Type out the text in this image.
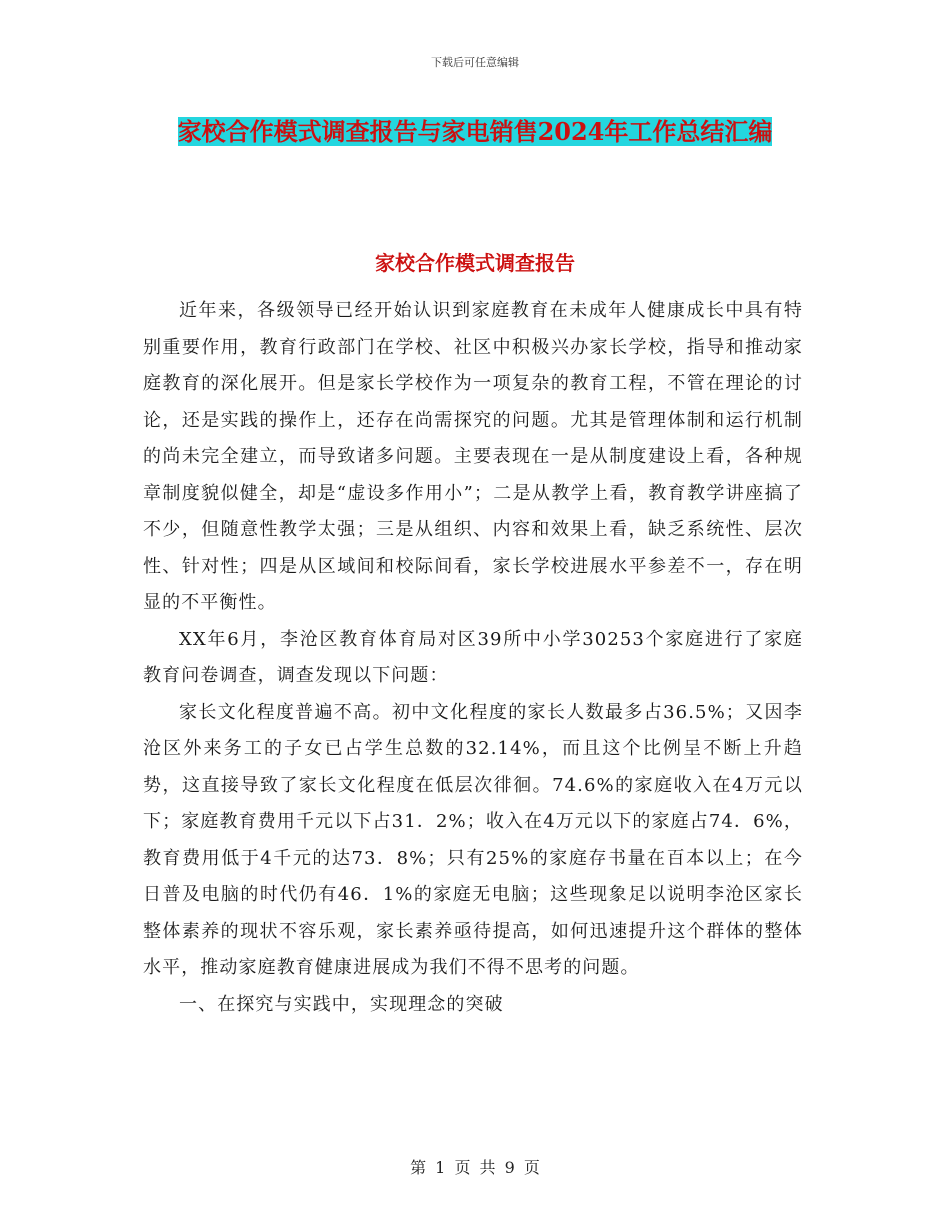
下载后可任意编辑
家校合作模式调查报告与家电销售2024年工作总结汇编
家校合作模式调查报告

近年来，各级领导已经开始认识到家庭教育在未成年人健康成长中具有特别重要作用，教育行政部门在学校、社区中积极兴办家长学校，指导和推动家庭教育的深化展开。但是家长学校作为一项复杂的教育工程，不管在理论的讨论，还是实践的操作上，还存在尚需探究的问题。尤其是管理体制和运行机制的尚未完全建立，而导致诸多问题。主要表现在一是从制度建设上看，各种规章制度貌似健全，却是“虚设多作用小”；二是从教学上看，教育教学讲座搞了不少，但随意性教学太强；三是从组织、内容和效果上看，缺乏系统性、层次性、针对性；四是从区域间和校际间看，家长学校进展水平参差不一，存在明显的不平衡性。

XX年6月，李沧区教育体育局对区39所中小学30253个家庭进行了家庭教育问卷调查，调查发现以下问题：

家长文化程度普遍不高。初中文化程度的家长人数最多占36.5%；又因李沧区外来务工的子女已占学生总数的32.14%，而且这个比例呈不断上升趋势，这直接导致了家长文化程度在低层次徘徊。74.6%的家庭收入在4万元以下；家庭教育费用千元以下占31．2%；收入在4万元以下的家庭占74．6%，教育费用低于4千元的达73．8%；只有25%的家庭存书量在百本以上；在今日普及电脑的时代仍有46．1%的家庭无电脑；这些现象足以说明李沧区家长整体素养的现状不容乐观，家长素养亟待提高，如何迅速提升这个群体的整体水平，推动家庭教育健康进展成为我们不得不思考的问题。

一、在探究与实践中，实现理念的突破

第 1 页 共 9 页
